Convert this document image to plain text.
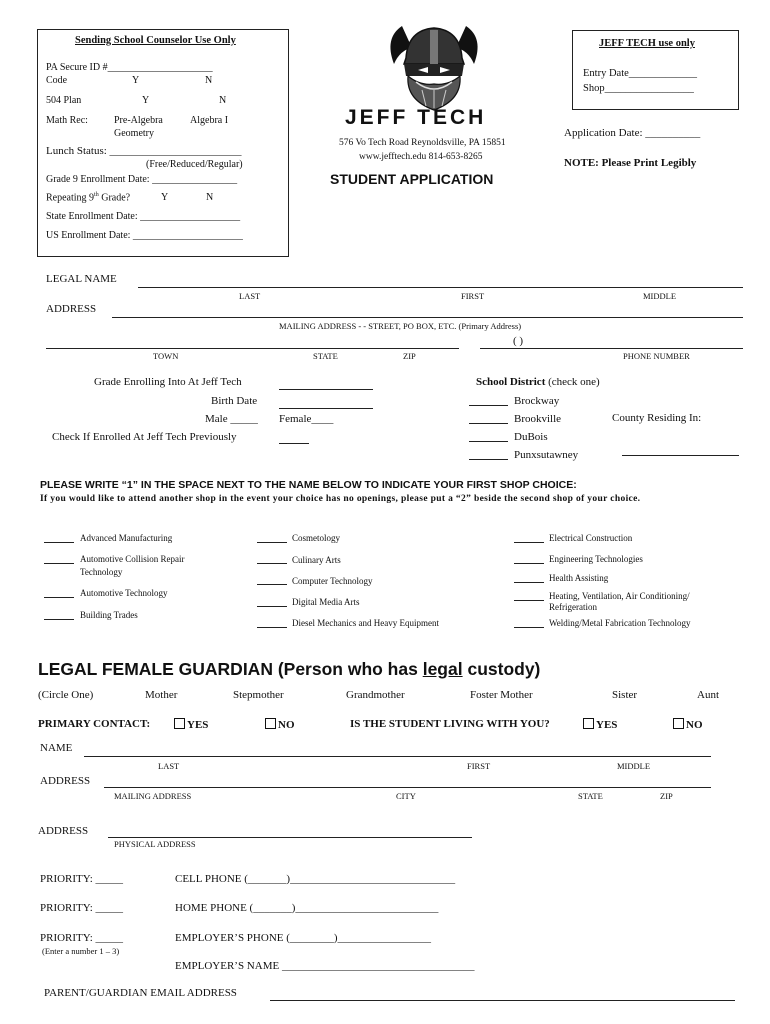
Sending School Counselor Use Only
PA Secure ID #_____________________
Code	Y	N
504 Plan	Y	N
Math Rec:	Pre-Algebra	Algebra I
Geometry
Lunch Status: ________________________
(Free/Reduced/Regular)
Grade 9 Enrollment Date: _________________
Repeating 9th Grade?	Y	N
State Enrollment Date: ____________________
US Enrollment Date: ______________________
JEFF TECH
576 Vo Tech Road Reynoldsville, PA 15851
www.jefftech.edu 814-653-8265
STUDENT APPLICATION
JEFF TECH use only
Entry Date_____________
Shop_________________
Application Date: __________
NOTE: Please Print Legibly
LEGAL NAME
LAST	FIRST	MIDDLE
ADDRESS
MAILING ADDRESS - - STREET, PO BOX, ETC. (Primary Address)
( )
TOWN	STATE	ZIP	PHONE NUMBER
Grade Enrolling Into At Jeff Tech
Birth Date
Male _____ Female____
Check If Enrolled At Jeff Tech Previously
School District (check one)
Brockway
Brookville
DuBois
Punxsutawney
County Residing In:
PLEASE WRITE “1” IN THE SPACE NEXT TO THE NAME BELOW TO INDICATE YOUR FIRST SHOP CHOICE:
If you would like to attend another shop in the event your choice has no openings, please put a “2” beside the second shop of your choice.
Advanced Manufacturing
Automotive Collision Repair
Technology
Automotive Technology
Building Trades
Cosmetology
Culinary Arts
Computer Technology
Digital Media Arts
Diesel Mechanics and Heavy Equipment
Electrical Construction
Engineering Technologies
Health Assisting
Heating, Ventilation, Air Conditioning/
Refrigeration
Welding/Metal Fabrication Technology
LEGAL FEMALE GUARDIAN (Person who has legal custody)
(Circle One)	Mother	Stepmother	Grandmother	Foster Mother	Sister	Aunt
PRIMARY CONTACT:	YES	NO	IS THE STUDENT LIVING WITH YOU?	YES	NO
NAME
LAST	FIRST	MIDDLE
ADDRESS
MAILING ADDRESS	CITY	STATE	ZIP
ADDRESS
PHYSICAL ADDRESS
PRIORITY: _____	CELL PHONE (_______)______________________________
PRIORITY: _____	HOME PHONE (_______)__________________________
PRIORITY: _____	EMPLOYER’S PHONE (________)_________________
(Enter a number 1 – 3)
EMPLOYER’S NAME ___________________________________
PARENT/GUARDIAN EMAIL ADDRESS
